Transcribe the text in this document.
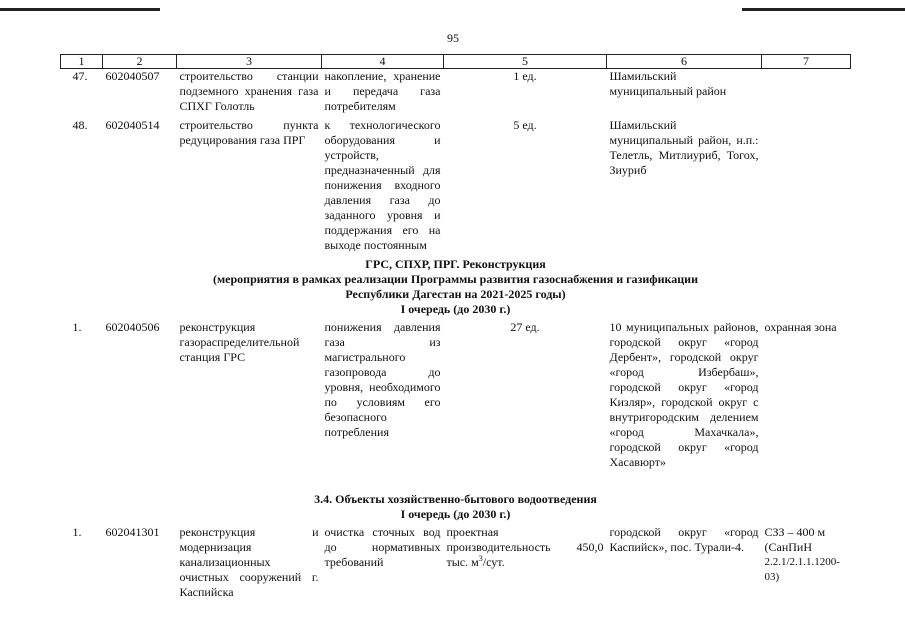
95
1	2	3	4	5	6	7
47.	602040507	строительство станции подземного хранения газа СПХГ Голотль	накопление, хранение и передача газа потребителям	1 ед.	Шамильский муниципальный район	
48.	602040514	строительство пункта редуцирования газа ПРГ	к технологического оборудования и устройств, предназначенный для понижения входного давления газа до заданного уровня и поддержания его на выходе постоянным	5 ед.	Шамильский муниципальный район, н.п.: Телетль, Митлиуриб, Тогох, Зиуриб	

ГРС, СПХР, ПРГ. Реконструкция
(мероприятия в рамках реализации Программы развития газоснабжения и газификации
Республики Дагестан на 2021-2025 годы)
I очередь (до 2030 г.)						

1.	602040506	реконструкция газораспределительной станция ГРС	понижения давления газа из магистрального газопровода до уровня, необходимого по условиям его безопасного потребления	27 ед.	10 муниципальных районов, городской округ «город Дербент», городской округ «город Избербаш», городской округ «город Кизляр», городской округ с внутригородским делением «город Махачкала», городской округ «город Хасавюрт»	охранная зона

3.4. Объекты хозяйственно-бытового водоотведения
I очередь (до 2030 г.)						

1.	602041301	реконструкция и модернизация канализационных очистных сооружений г. Каспийска	очистка сточных вод до нормативных требований	проектная производительность 450,0 тыс. $м^3$/сут.	городской округ «город Каспийск», пос. Турали-4.	СЗЗ – 400 м (СанПиН
2.2.1/2.1.1.1200-03)
